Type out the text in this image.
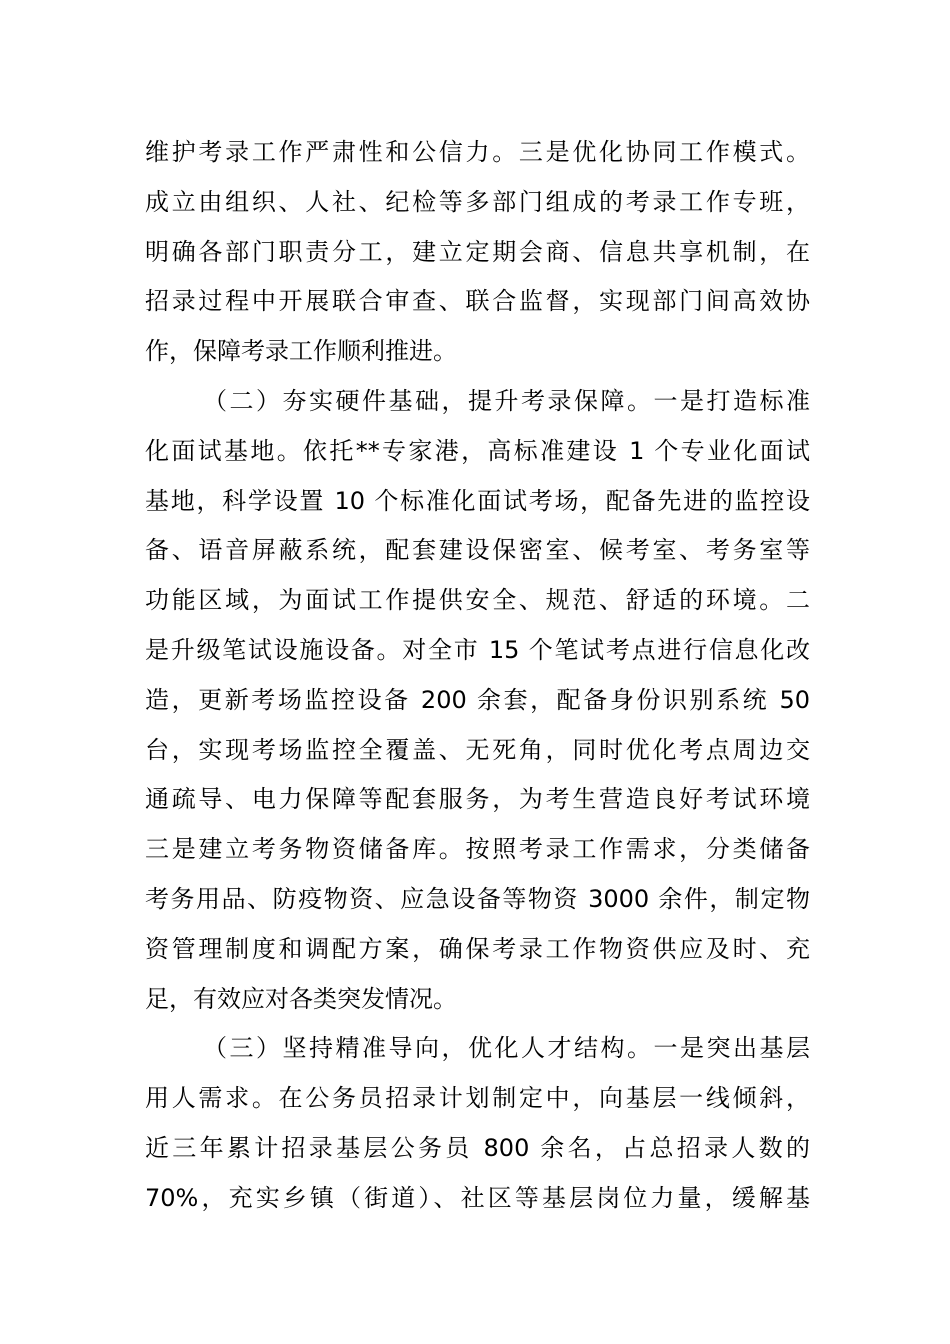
维护考录工作严肃性和公信力。三是优化协同工作模式。
成立由组织、人社、纪检等多部门组成的考录工作专班，
明确各部门职责分工，建立定期会商、信息共享机制，在
招录过程中开展联合审查、联合监督，实现部门间高效协
作，保障考录工作顺利推进。
（二）夯实硬件基础，提升考录保障。一是打造标准
化面试基地。依托**专家港，高标准建设 1 个专业化面试
基地，科学设置 10 个标准化面试考场，配备先进的监控设
备、语音屏蔽系统，配套建设保密室、候考室、考务室等
功能区域，为面试工作提供安全、规范、舒适的环境。二
是升级笔试设施设备。对全市 15 个笔试考点进行信息化改
造，更新考场监控设备 200 余套，配备身份识别系统 50
台，实现考场监控全覆盖、无死角，同时优化考点周边交
通疏导、电力保障等配套服务，为考生营造良好考试环境
三是建立考务物资储备库。按照考录工作需求，分类储备
考务用品、防疫物资、应急设备等物资 3000 余件，制定物
资管理制度和调配方案，确保考录工作物资供应及时、充
足，有效应对各类突发情况。
（三）坚持精准导向，优化人才结构。一是突出基层
用人需求。在公务员招录计划制定中，向基层一线倾斜，
近三年累计招录基层公务员 800 余名，占总招录人数的
70%，充实乡镇（街道）、社区等基层岗位力量，缓解基
